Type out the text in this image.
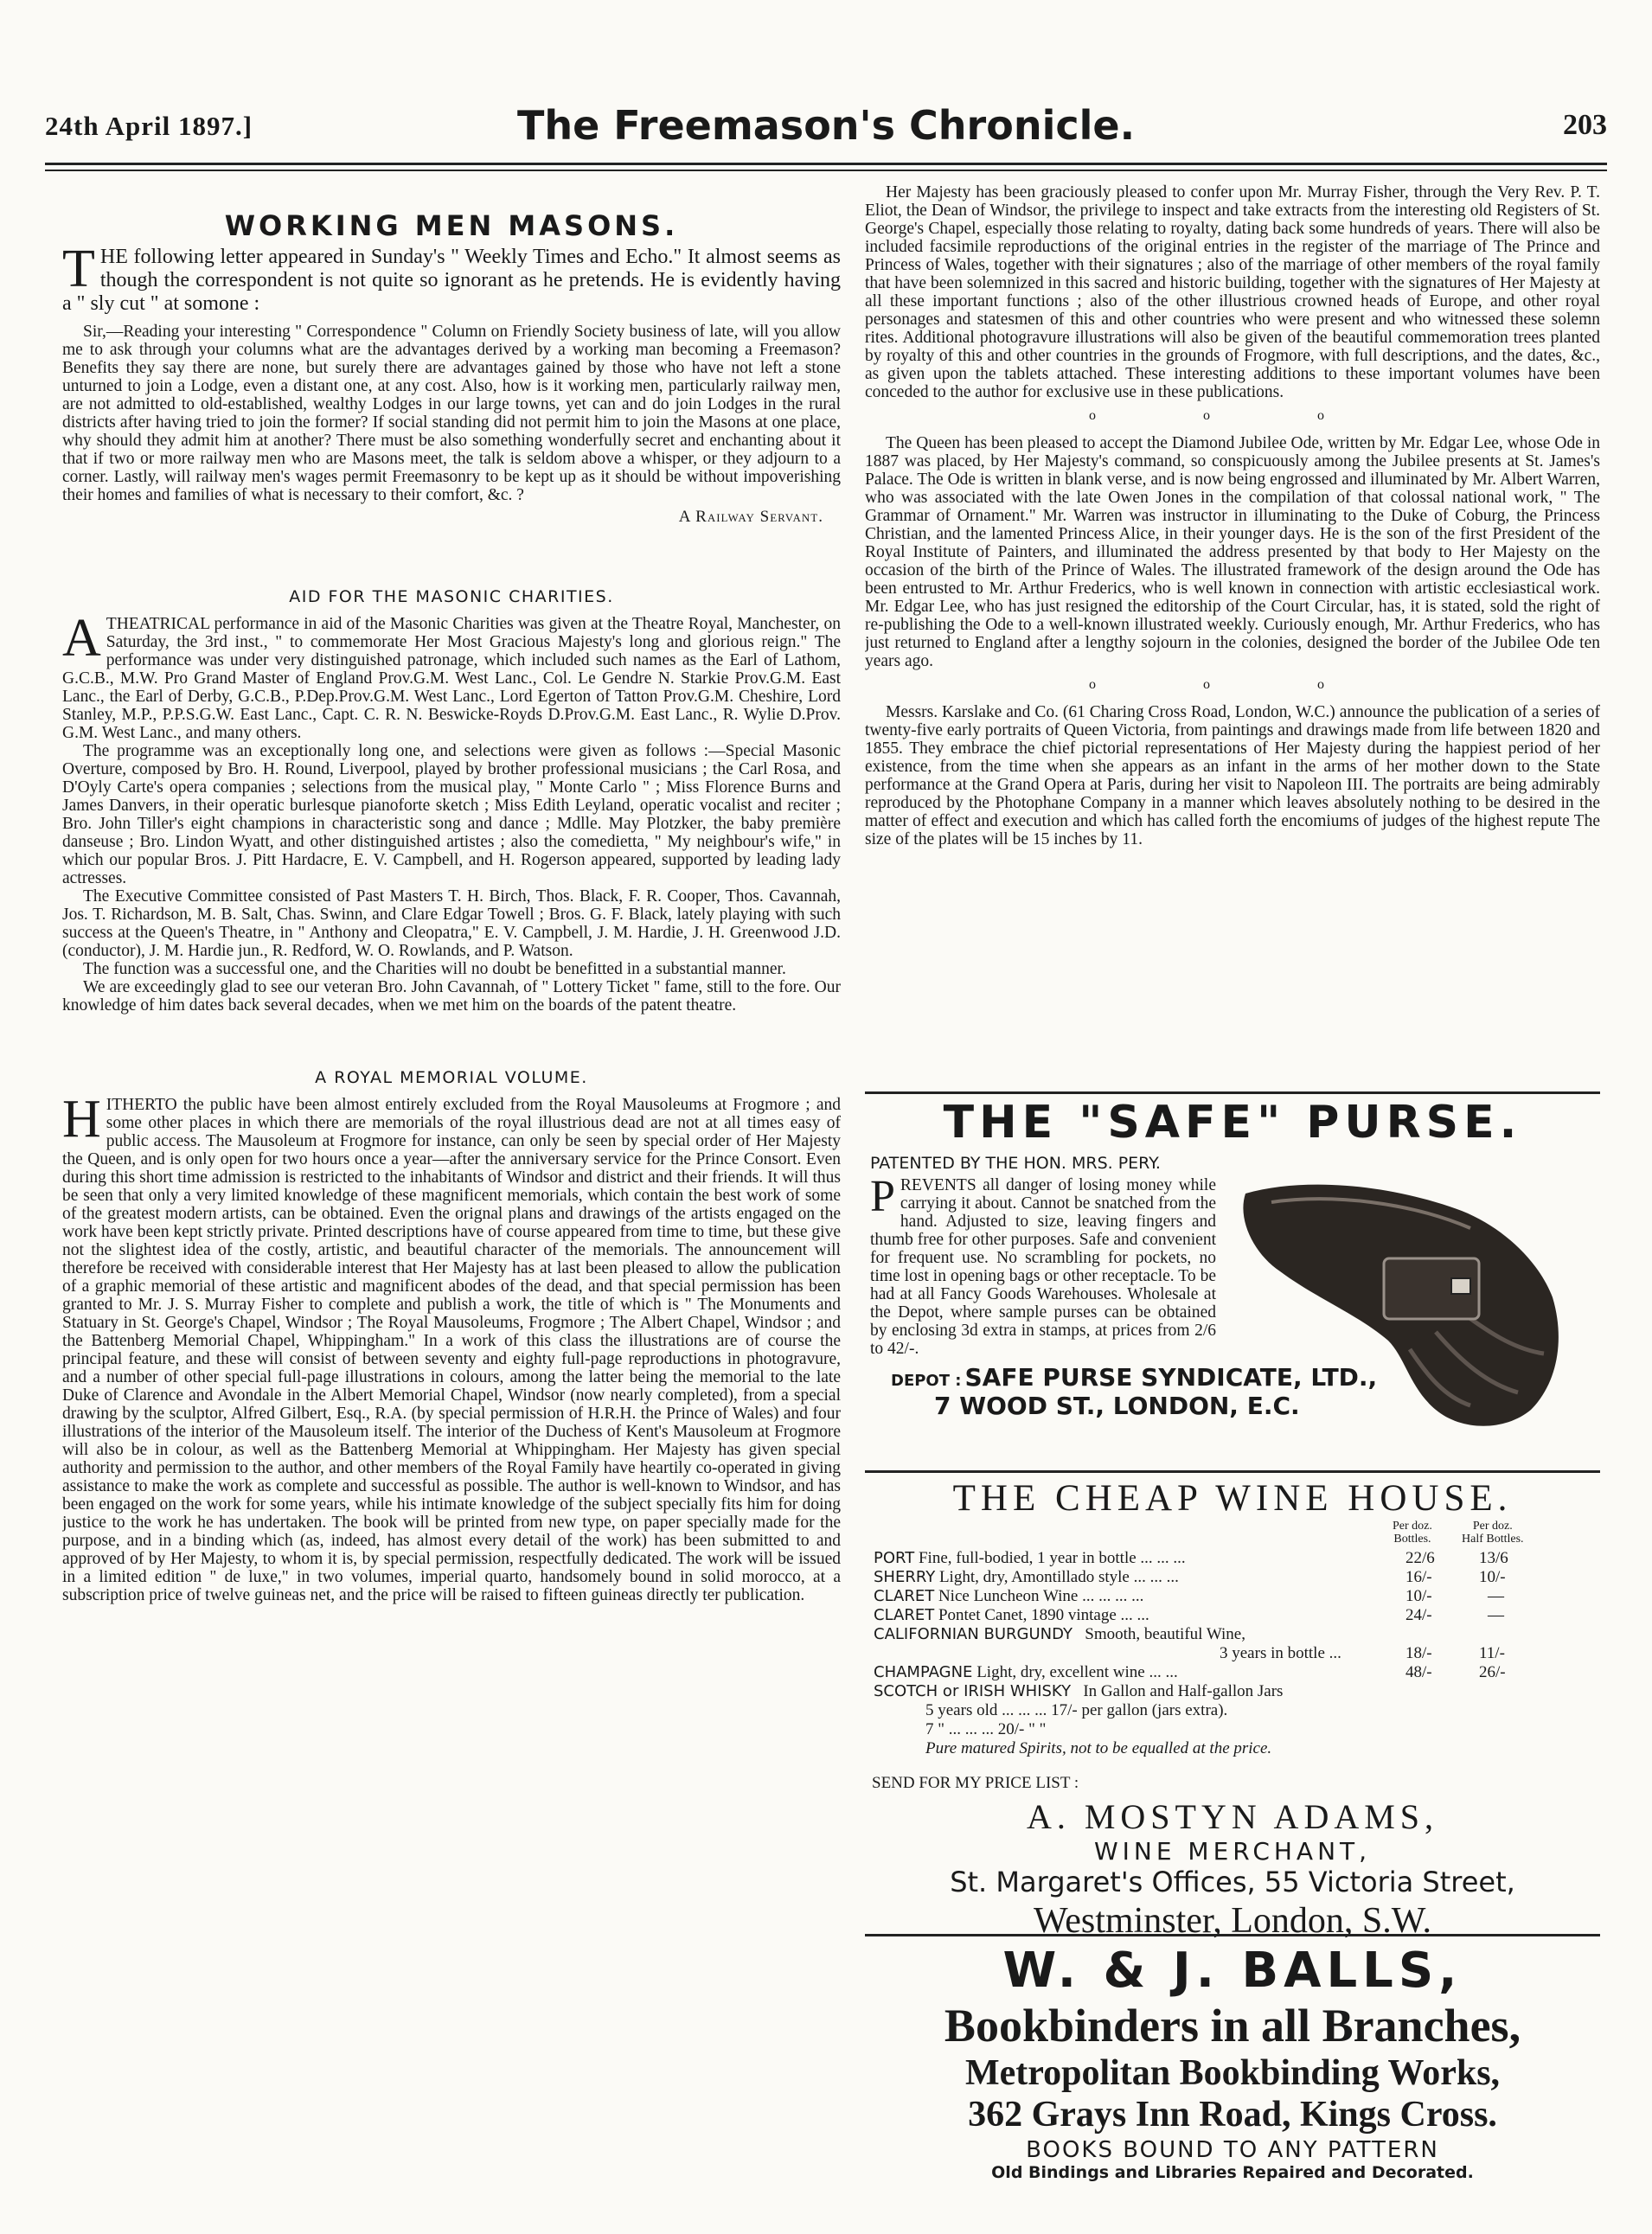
24th April 1897.]	The Freemason's Chronicle.	203
WORKING MEN MASONS.

THE following letter appeared in Sunday's " Weekly Times and Echo." It almost seems as though the correspondent is not quite so ignorant as he pretends. He is evidently having a " sly cut " at somone :

Sir,—Reading your interesting " Correspondence " Column on Friendly Society business of late, will you allow me to ask through your columns what are the advantages derived by a working man becoming a Freemason? Benefits they say there are none, but surely there are advantages gained by those who have not left a stone unturned to join a Lodge, even a distant one, at any cost. Also, how is it working men, particularly railway men, are not admitted to old-established, wealthy Lodges in our large towns, yet can and do join Lodges in the rural districts after having tried to join the former? If social standing did not permit him to join the Masons at one place, why should they admit him at another? There must be also something wonderfully secret and enchanting about it that if two or more railway men who are Masons meet, the talk is seldom above a whisper, or they adjourn to a corner. Lastly, will railway men's wages permit Freemasonry to be kept up as it should be without impoverishing their homes and families of what is necessary to their comfort, &c. ?

A Railway Servant.
AID FOR THE MASONIC CHARITIES.

ATHEATRICAL performance in aid of the Masonic Charities was given at the Theatre Royal, Manchester, on Saturday, the 3rd inst., " to commemorate Her Most Gracious Majesty's long and glorious reign." The performance was under very distinguished patronage, which included such names as the Earl of Lathom, G.C.B., M.W. Pro Grand Master of England Prov.G.M. West Lanc., Col. Le Gendre N. Starkie Prov.G.M. East Lanc., the Earl of Derby, G.C.B., P.Dep.Prov.G.M. West Lanc., Lord Egerton of Tatton Prov.G.M. Cheshire, Lord Stanley, M.P., P.P.S.G.W. East Lanc., Capt. C. R. N. Beswicke-Royds D.Prov.G.M. East Lanc., R. Wylie D.Prov. G.M. West Lanc., and many others.

The programme was an exceptionally long one, and selections were given as follows :—Special Masonic Overture, composed by Bro. H. Round, Liverpool, played by brother professional musicians ; the Carl Rosa, and D'Oyly Carte's opera companies ; selections from the musical play, " Monte Carlo " ; Miss Florence Burns and James Danvers, in their operatic burlesque pianoforte sketch ; Miss Edith Leyland, operatic vocalist and reciter ; Bro. John Tiller's eight champions in characteristic song and dance ; Mdlle. May Plotzker, the baby première danseuse ; Bro. Lindon Wyatt, and other distinguished artistes ; also the comedietta, " My neighbour's wife," in which our popular Bros. J. Pitt Hardacre, E. V. Campbell, and H. Rogerson appeared, supported by leading lady actresses.

The Executive Committee consisted of Past Masters T. H. Birch, Thos. Black, F. R. Cooper, Thos. Cavannah, Jos. T. Richardson, M. B. Salt, Chas. Swinn, and Clare Edgar Towell ; Bros. G. F. Black, lately playing with such success at the Queen's Theatre, in " Anthony and Cleopatra," E. V. Campbell, J. M. Hardie, J. H. Greenwood J.D. (conductor), J. M. Hardie jun., R. Redford, W. O. Rowlands, and P. Watson.

The function was a successful one, and the Charities will no doubt be benefitted in a substantial manner.

We are exceedingly glad to see our veteran Bro. John Cavannah, of " Lottery Ticket " fame, still to the fore. Our knowledge of him dates back several decades, when we met him on the boards of the patent theatre.

A ROYAL MEMORIAL VOLUME.

HITHERTO the public have been almost entirely excluded from the Royal Mausoleums at Frogmore ; and some other places in which there are memorials of the royal illustrious dead are not at all times easy of public access. The Mausoleum at Frogmore for instance, can only be seen by special order of Her Majesty the Queen, and is only open for two hours once a year—after the anniversary service for the Prince Consort. Even during this short time admission is restricted to the inhabitants of Windsor and district and their friends. It will thus be seen that only a very limited knowledge of these magnificent memorials, which contain the best work of some of the greatest modern artists, can be obtained. Even the orignal plans and drawings of the artists engaged on the work have been kept strictly private. Printed descriptions have of course appeared from time to time, but these give not the slightest idea of the costly, artistic, and beautiful character of the memorials. The announcement will therefore be received with considerable interest that Her Majesty has at last been pleased to allow the publication of a graphic memorial of these artistic and magnificent abodes of the dead, and that special permission has been granted to Mr. J. S. Murray Fisher to complete and publish a work, the title of which is " The Monuments and Statuary in St. George's Chapel, Windsor ; The Royal Mausoleums, Frogmore ; The Albert Chapel, Windsor ; and the Battenberg Memorial Chapel, Whippingham." In a work of this class the illustrations are of course the principal feature, and these will consist of between seventy and eighty full-page reproductions in photogravure, and a number of other special full-page illustrations in colours, among the latter being the memorial to the late Duke of Clarence and Avondale in the Albert Memorial Chapel, Windsor (now nearly completed), from a special drawing by the sculptor, Alfred Gilbert, Esq., R.A. (by special permission of H.R.H. the Prince of Wales) and four illustrations of the interior of the Mausoleum itself. The interior of the Duchess of Kent's Mausoleum at Frogmore will also be in colour, as well as the Battenberg Memorial at Whippingham. Her Majesty has given special authority and permission to the author, and other members of the Royal Family have heartily co-operated in giving assistance to make the work as complete and successful as possible. The author is well-known to Windsor, and has been engaged on the work for some years, while his intimate knowledge of the subject specially fits him for doing justice to the work he has undertaken. The book will be printed from new type, on paper specially made for the purpose, and in a binding which (as, indeed, has almost every detail of the work) has been submitted to and approved of by Her Majesty, to whom it is, by special permission, respectfully dedicated. The work will be issued in a limited edition " de luxe," in two volumes, imperial quarto, handsomely bound in solid morocco, at a subscription price of twelve guineas net, and the price will be raised to fifteen guineas directly ter publication.

Her Majesty has been graciously pleased to confer upon Mr. Murray Fisher, through the Very Rev. P. T. Eliot, the Dean of Windsor, the privilege to inspect and take extracts from the interesting old Registers of St. George's Chapel, especially those relating to royalty, dating back some hundreds of years. There will also be included facsimile reproductions of the original entries in the register of the marriage of The Prince and Princess of Wales, together with their signatures ; also of the marriage of other members of the royal family that have been solemnized in this sacred and historic building, together with the signatures of Her Majesty at all these important functions ; also of the other illustrious crowned heads of Europe, and other royal personages and statesmen of this and other countries who were present and who witnessed these solemn rites. Additional photogravure illustrations will also be given of the beautiful commemoration trees planted by royalty of this and other countries in the grounds of Frogmore, with full descriptions, and the dates, &c., as given upon the tablets attached. These interesting additions to these important volumes have been conceded to the author for exclusive use in these publications.

o o o

The Queen has been pleased to accept the Diamond Jubilee Ode, written by Mr. Edgar Lee, whose Ode in 1887 was placed, by Her Majesty's command, so conspicuously among the Jubilee presents at St. James's Palace. The Ode is written in blank verse, and is now being engrossed and illuminated by Mr. Albert Warren, who was associated with the late Owen Jones in the compilation of that colossal national work, " The Grammar of Ornament." Mr. Warren was instructor in illuminating to the Duke of Coburg, the Princess Christian, and the lamented Princess Alice, in their younger days. He is the son of the first President of the Royal Institute of Painters, and illuminated the address presented by that body to Her Majesty on the occasion of the birth of the Prince of Wales. The illustrated framework of the design around the Ode has been entrusted to Mr. Arthur Frederics, who is well known in connection with artistic ecclesiastical work. Mr. Edgar Lee, who has just resigned the editorship of the Court Circular, has, it is stated, sold the right of re-publishing the Ode to a well-known illustrated weekly. Curiously enough, Mr. Arthur Frederics, who has just returned to England after a lengthy sojourn in the colonies, designed the border of the Jubilee Ode ten years ago.

o o o

Messrs. Karslake and Co. (61 Charing Cross Road, London, W.C.) announce the publication of a series of twenty-five early portraits of Queen Victoria, from paintings and drawings made from life between 1820 and 1855. They embrace the chief pictorial representations of Her Majesty during the happiest period of her existence, from the time when she appears as an infant in the arms of her mother down to the State performance at the Grand Opera at Paris, during her visit to Napoleon III. The portraits are being admirably reproduced by the Photophane Company in a manner which leaves absolutely nothing to be desired in the matter of effect and execution and which has called forth the encomiums of judges of the highest repute The size of the plates will be 15 inches by 11.

THE "SAFE" PURSE.
PATENTED BY THE HON. MRS. PERY.

PREVENTS all danger of losing money while carrying it about. Cannot be snatched from the hand. Adjusted to size, leaving fingers and thumb free for other purposes. Safe and convenient for frequent use. No scrambling for pockets, no time lost in opening bags or other receptacle. To be had at all Fancy Goods Warehouses. Wholesale at the Depot, where sample purses can be obtained by enclosing 3d extra in stamps, at prices from 2/6 to 42/-.

DEPOT : SAFE PURSE SYNDICATE, LTD.,
7 WOOD ST., LONDON, E.C.
THE CHEAP WINE HOUSE.
Per doz.
Bottles.
Per doz.
Half Bottles.
PORT Fine, full-bodied, 1 year in bottle ... ... ...	22/6	13/6
SHERRY Light, dry, Amontillado style ... ... ...	16/-	10/-
CLARET Nice Luncheon Wine ... ... ... ...	10/-	—
CLARET Pontet Canet, 1890 vintage ... ...	24/-	—
CALIFORNIAN BURGUNDY Smooth, beautiful Wine,
3 years in bottle ...	18/-	11/-
CHAMPAGNE Light, dry, excellent wine ... ...	48/-	26/-
SCOTCH or IRISH WHISKY In Gallon and Half-gallon Jars
5 years old ... ... ... 17/- per gallon (jars extra).
7 " ... ... ... 20/- " "
Pure matured Spirits, not to be equalled at the price.
SEND FOR MY PRICE LIST :
A. MOSTYN ADAMS,
WINE MERCHANT,
St. Margaret's Offices, 55 Victoria Street,
Westminster, London, S.W.
W. & J. BALLS,
Bookbinders in all Branches,
Metropolitan Bookbinding Works,
362 Grays Inn Road, Kings Cross.
BOOKS BOUND TO ANY PATTERN
Old Bindings and Libraries Repaired and Decorated.
